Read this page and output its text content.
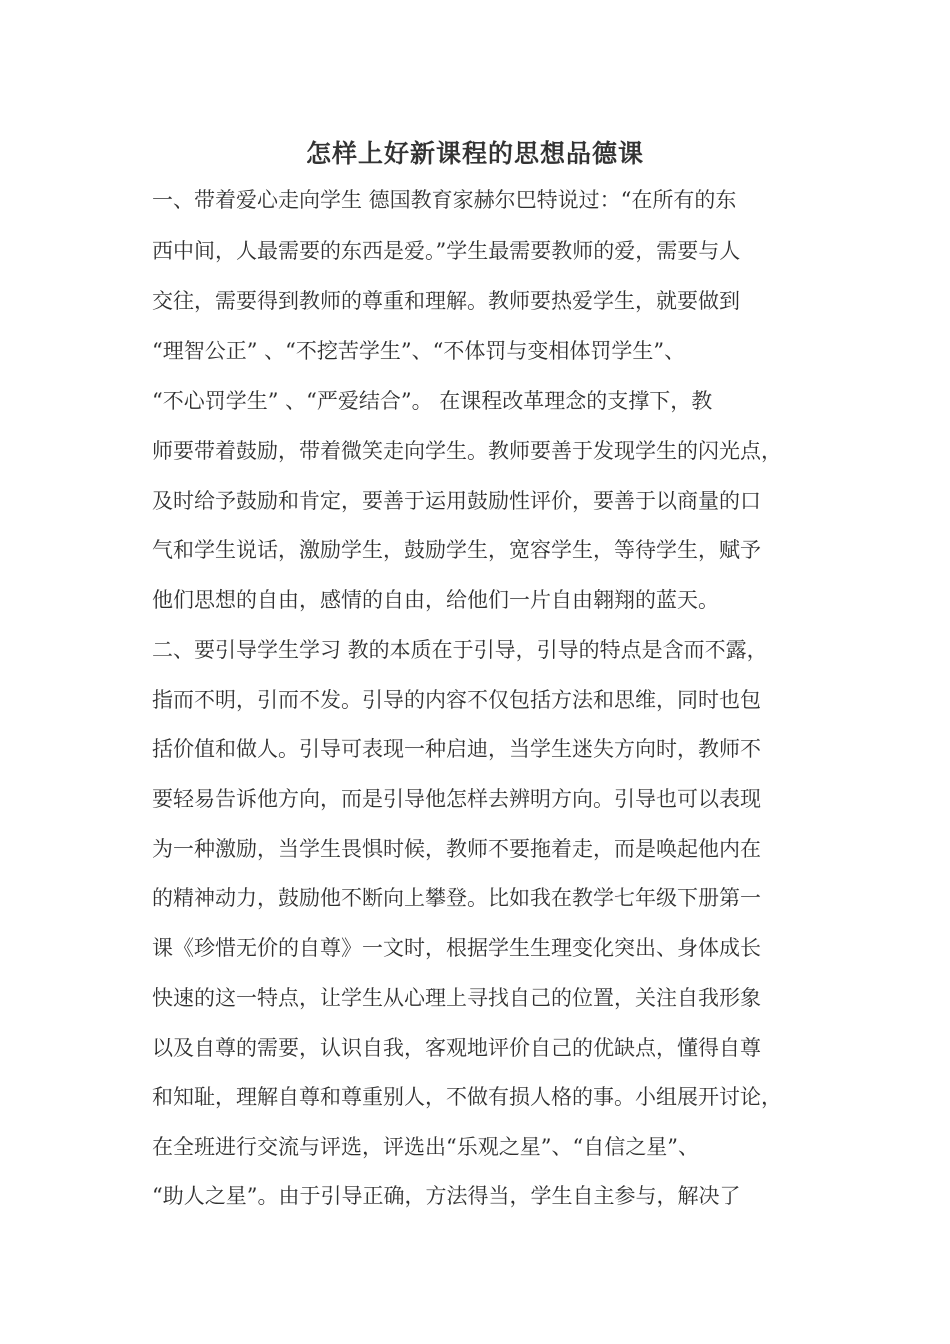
怎样上好新课程的思想品德课
一、带着爱心走向学生 德国教育家赫尔巴特说过：“在所有的东
西中间，人最需要的东西是爱。”学生最需要教师的爱，需要与人
交往，需要得到教师的尊重和理解。教师要热爱学生，就要做到
“理智公正” 、“不挖苦学生”、“不体罚与变相体罚学生”、
“不心罚学生” 、“严爱结合”。 在课程改革理念的支撑下，教
师要带着鼓励，带着微笑走向学生。教师要善于发现学生的闪光点，
及时给予鼓励和肯定，要善于运用鼓励性评价，要善于以商量的口
气和学生说话，激励学生，鼓励学生，宽容学生，等待学生，赋予
他们思想的自由，感情的自由，给他们一片自由翱翔的蓝天。
二、要引导学生学习 教的本质在于引导，引导的特点是含而不露，
指而不明，引而不发。引导的内容不仅包括方法和思维，同时也包
括价值和做人。引导可表现一种启迪，当学生迷失方向时，教师不
要轻易告诉他方向，而是引导他怎样去辨明方向。引导也可以表现
为一种激励，当学生畏惧时候，教师不要拖着走，而是唤起他内在
的精神动力，鼓励他不断向上攀登。比如我在教学七年级下册第一
课《珍惜无价的自尊》一文时，根据学生生理变化突出、身体成长
快速的这一特点，让学生从心理上寻找自己的位置，关注自我形象
以及自尊的需要，认识自我，客观地评价自己的优缺点，懂得自尊
和知耻，理解自尊和尊重别人，不做有损人格的事。小组展开讨论，
在全班进行交流与评选，评选出“乐观之星”、“自信之星”、
“助人之星”。由于引导正确，方法得当，学生自主参与，解决了
